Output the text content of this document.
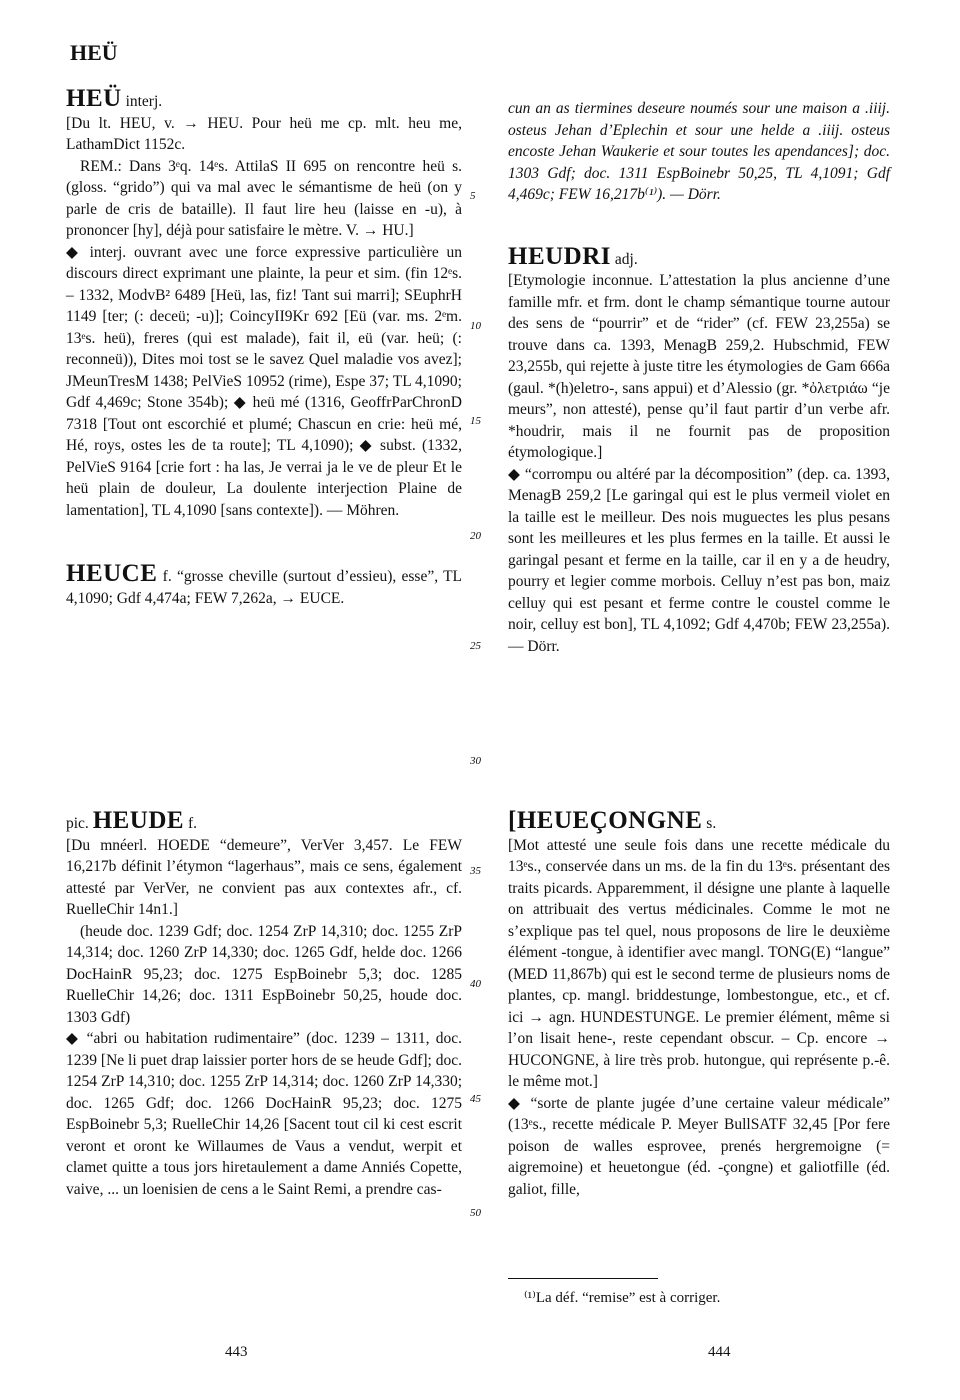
HEÜ

HEÜ interj.

[Du lt. HEU, v. → HEU. Pour heü me cp. mlt. heu me, LathamDict 1152c.

REM.: Dans 3ᵉq. 14ᵉs. AttilaS II 695 on rencontre heü s. (gloss. “grido”) qui va mal avec le sémantisme de heü (on y parle de cris de bataille). Il faut lire heu (laisse en -u), à prononcer [hy], déjà pour satisfaire le mètre. V. → HU.]

◆ interj. ouvrant avec une force expressive particulière un discours direct exprimant une plainte, la peur et sim. (fin 12ᵉs. – 1332, ModvB² 6489 [Heü, las, fiz! Tant sui marri]; SEuphrH 1149 [ter; (: deceü; -u)]; CoincyII9Kr 692 [Eü (var. ms. 2ᵉm. 13ᵉs. heü), freres (qui est malade), fait il, eü (var. heü; (: reconneü)), Dites moi tost se le savez Quel maladie vos avez]; JMeunTresM 1438; PelVieS 10952 (rime), Espe 37; TL 4,1090; Gdf 4,469c; Stone 354b); ◆ heü mé (1316, GeoffrParChronD 7318 [Tout ont escorchié et plumé; Chascun en crie: heü mé, Hé, roys, ostes les de ta route]; TL 4,1090); ◆ subst. (1332, PelVieS 9164 [crie fort : ha las, Je verrai ja le ve de pleur Et le heü plain de douleur, La doulente interjection Plaine de lamentation], TL 4,1090 [sans contexte]). — Möhren.

HEUCE f. “grosse cheville (surtout d’essieu), esse”, TL 4,1090; Gdf 4,474a; FEW 7,262a, → EUCE.

pic. HEUDE f.

[Du mnéerl. HOEDE “demeure”, VerVer 3,457. Le FEW 16,217b définit l’étymon “lagerhaus”, mais ce sens, également attesté par VerVer, ne convient pas aux contextes afr., cf. RuelleChir 14n1.]

(heude doc. 1239 Gdf; doc. 1254 ZrP 14,310; doc. 1255 ZrP 14,314; doc. 1260 ZrP 14,330; doc. 1265 Gdf, helde doc. 1266 DocHainR 95,23; doc. 1275 EspBoinebr 5,3; doc. 1285 RuelleChir 14,26; doc. 1311 EspBoinebr 50,25, houde doc. 1303 Gdf)

◆ “abri ou habitation rudimentaire” (doc. 1239 – 1311, doc. 1239 [Ne li puet drap laissier porter hors de se heude Gdf]; doc. 1254 ZrP 14,310; doc. 1255 ZrP 14,314; doc. 1260 ZrP 14,330; doc. 1265 Gdf; doc. 1266 DocHainR 95,23; doc. 1275 EspBoinebr 5,3; RuelleChir 14,26 [Sacent tout cil ki cest escrit veront et oront ke Willaumes de Vaus a vendut, werpit et clamet quitte a tous jors hiretaulement a dame Anniés Copette, vaive, ... un loenisien de cens a le Saint Remi, a prendre cas-

cun an as tiermines deseure noumés sour une maison a .iiij. osteus Jehan d’Eplechin et sour une helde a .iiij. osteus encoste Jehan Waukerie et sour toutes les apendances]; doc. 1303 Gdf; doc. 1311 EspBoinebr 50,25, TL 4,1091; Gdf 4,469c; FEW 16,217b⁽¹⁾). — Dörr.

HEUDRI adj.

[Etymologie inconnue. L’attestation la plus ancienne d’une famille mfr. et frm. dont le champ sémantique tourne autour des sens de “pourrir” et de “rider” (cf. FEW 23,255a) se trouve dans ca. 1393, MenagB 259,2. Hubschmid, FEW 23,255b, qui rejette à juste titre les étymologies de Gam 666a (gaul. *(h)eletro-, sans appui) et d’Alessio (gr. *ὀλετριάω “je meurs”, non attesté), pense qu’il faut partir d’un verbe afr. *houdrir, mais il ne fournit pas de proposition étymologique.]

◆ “corrompu ou altéré par la décomposition” (dep. ca. 1393, MenagB 259,2 [Le garingal qui est le plus vermeil violet en la taille est le meilleur. Des nois muguectes les plus pesans sont les meilleures et les plus fermes en la taille. Et aussi le garingal pesant et ferme en la taille, car il en y a de heudry, pourry et legier comme morbois. Celluy n’est pas bon, maiz celluy qui est pesant et ferme contre le coustel comme le noir, celluy est bon], TL 4,1092; Gdf 4,470b; FEW 23,255a). — Dörr.

[HEUEÇONGNE s.

[Mot attesté une seule fois dans une recette médicale du 13ᵉs., conservée dans un ms. de la fin du 13ᵉs. présentant des traits picards. Apparemment, il désigne une plante à laquelle on attribuait des vertus médicinales. Comme le mot ne s’explique pas tel quel, nous proposons de lire le deuxième élément -tongue, à identifier avec mangl. TONG(E) “langue” (MED 11,867b) qui est le second terme de plusieurs noms de plantes, cp. mangl. briddestunge, lombestongue, etc., et cf. ici → agn. HUNDESTUNGE. Le premier élément, même si l’on lisait hene-, reste cependant obscur. – Cp. encore → HUCONGNE, à lire très prob. hutongue, qui représente p.-ê. le même mot.]

◆ “sorte de plante jugée d’une certaine valeur médicale” (13ᵉs., recette médicale P. Meyer BullSATF 32,45 [Por fere poison de walles esprovee, prenés hergremoigne (= aigremoine) et heuetongue (éd. -çongne) et galiotfille (éd. galiot, fille,

5
10
15
20
25
30
35
40
45
50
⁽¹⁾La déf. “remise” est à corriger.
443	444
